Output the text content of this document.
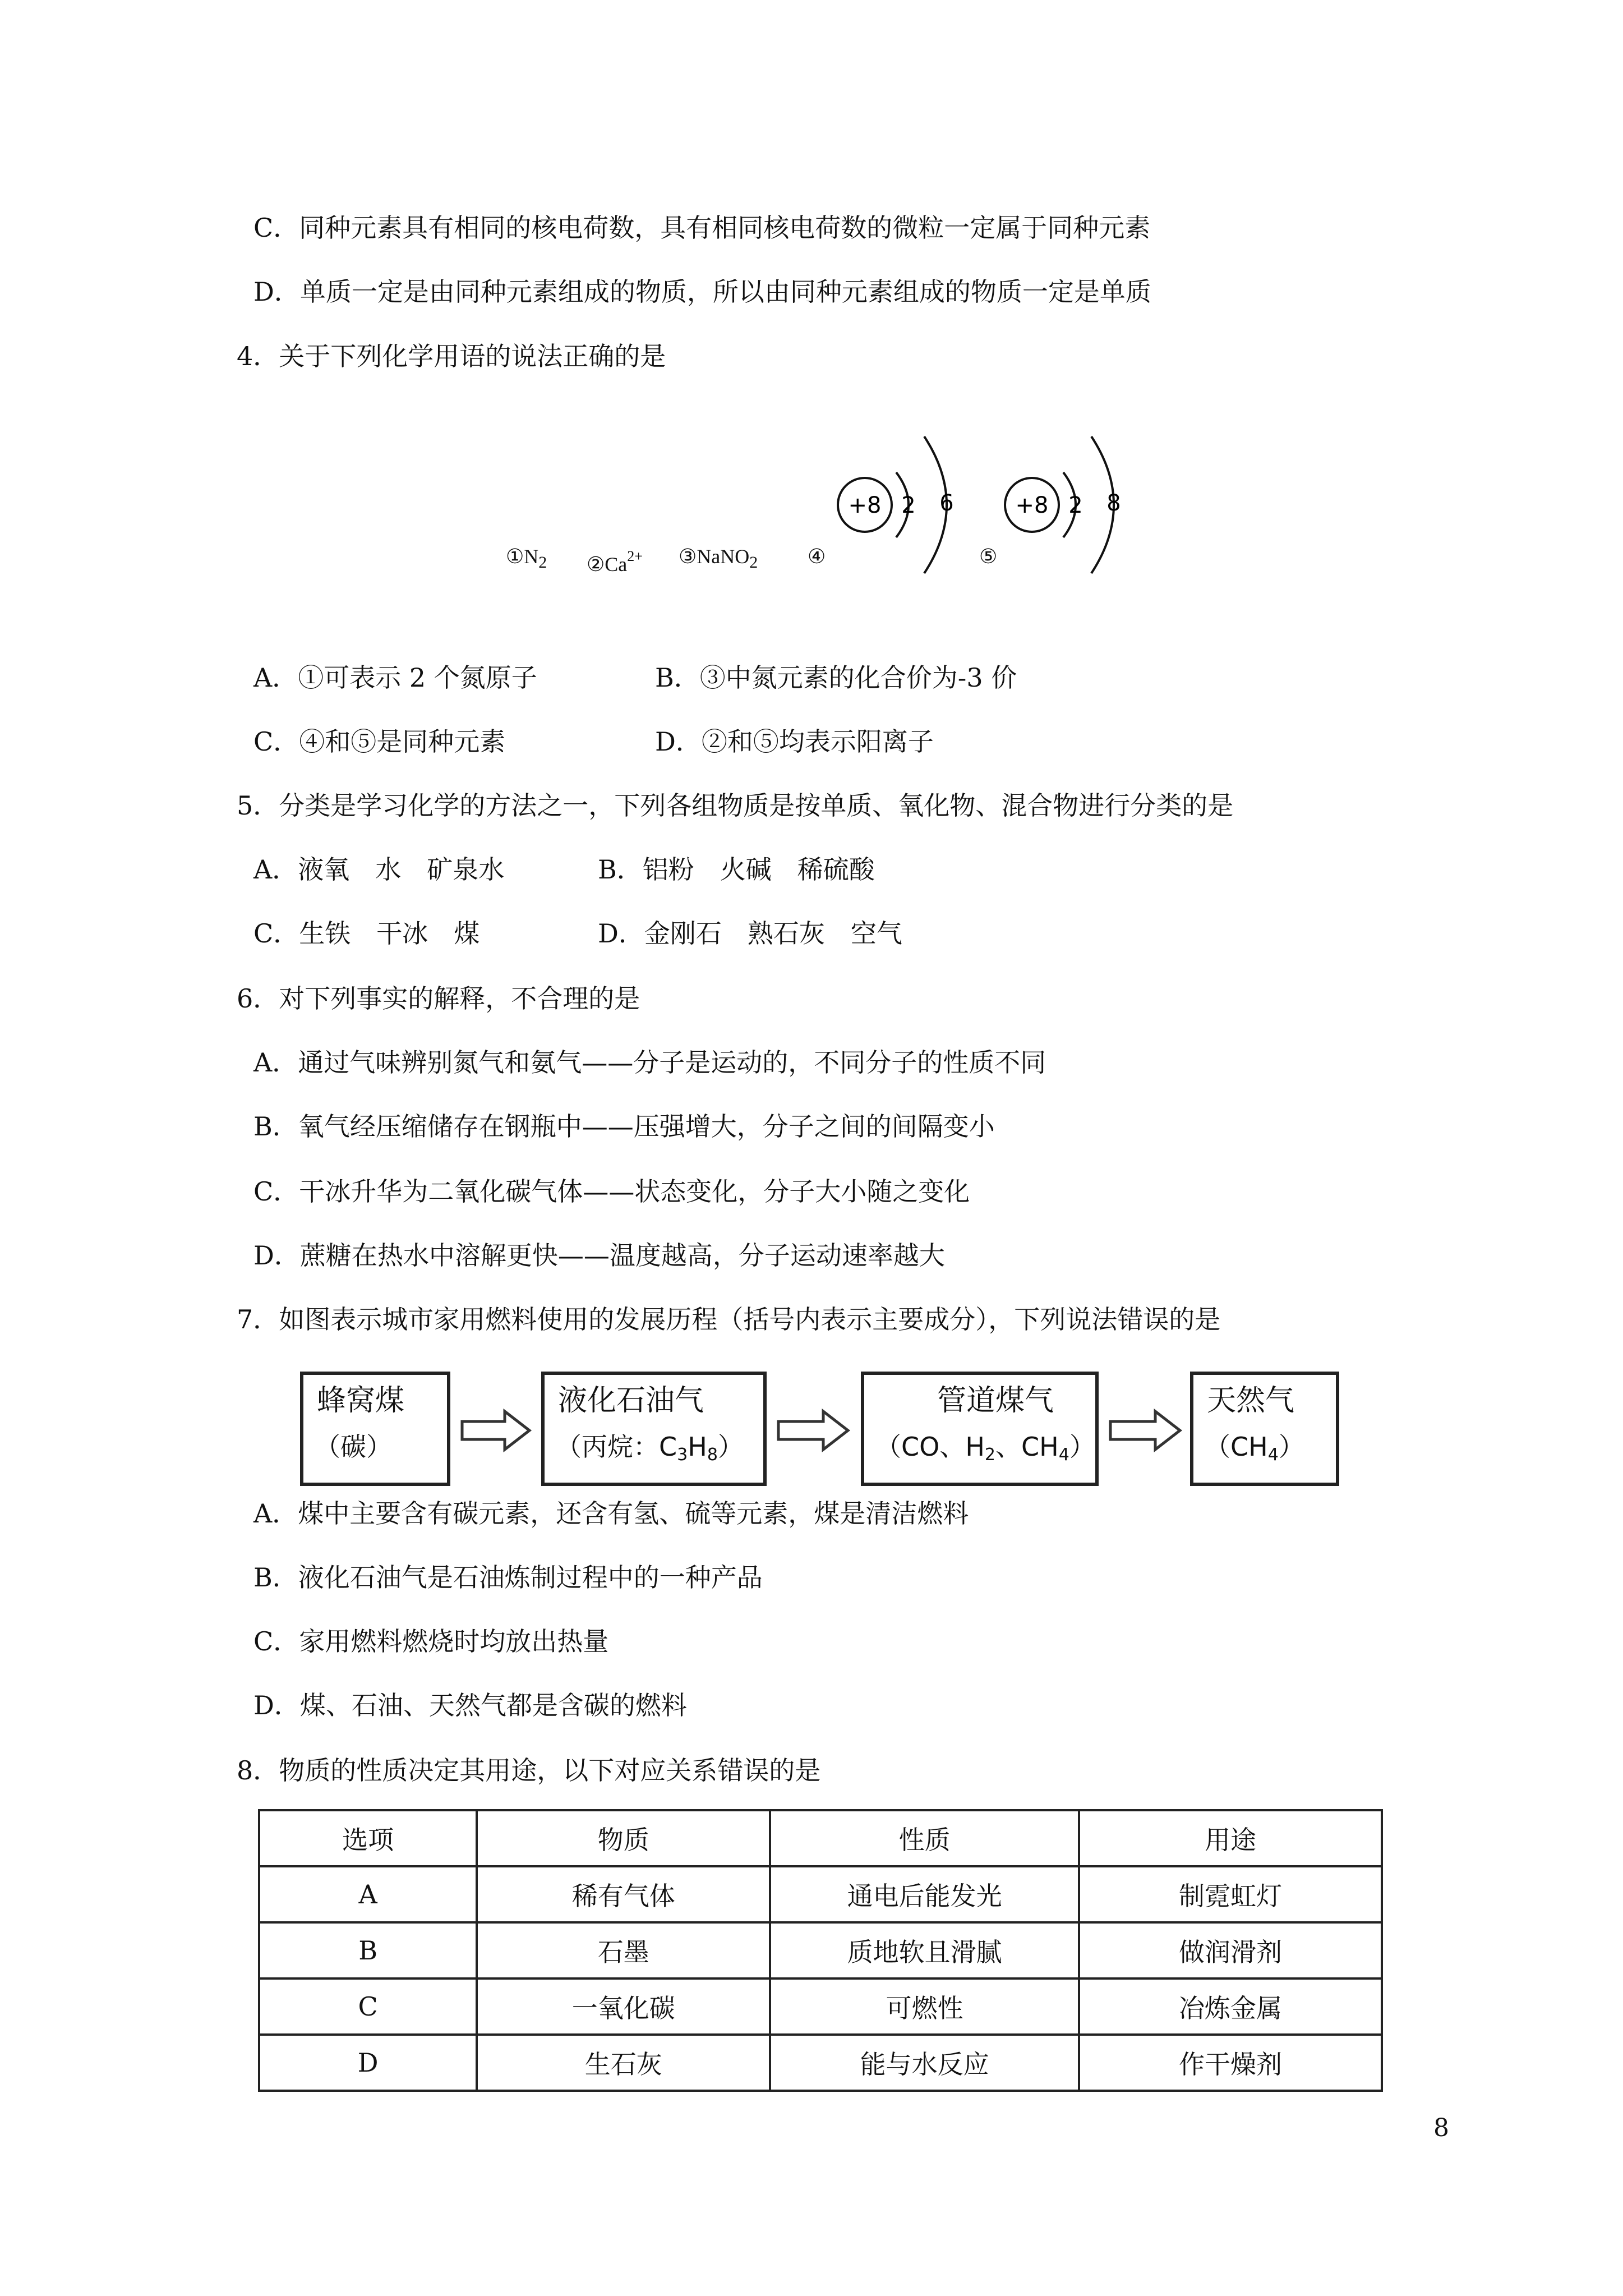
C．同种元素具有相同的核电荷数，具有相同核电荷数的微粒一定属于同种元素
D．单质一定是由同种元素组成的物质，所以由同种元素组成的物质一定是单质
4．关于下列化学用语的说法正确的是
$①N_2$ $②Ca^{2+}$ ③NaNO$_2$ ④	⑤
+8 2 6	+8 2 8
A．①可表示 2 个氮原子	B．③中氮元素的化合价为-3 价
C．④和⑤是同种元素	D．②和⑤均表示阳离子
5．分类是学习化学的方法之一，下列各组物质是按单质、氧化物、混合物进行分类的是
A．液氧　水　矿泉水	B．铝粉　火碱　稀硫酸
C．生铁　干冰　煤	D．金刚石　熟石灰　空气
6．对下列事实的解释，不合理的是
A．通过气味辨别氮气和氨气——分子是运动的，不同分子的性质不同
B．氧气经压缩储存在钢瓶中——压强增大，分子之间的间隔变小
C．干冰升华为二氧化碳气体——状态变化，分子大小随之变化
D．蔗糖在热水中溶解更快——温度越高，分子运动速率越大
7．如图表示城市家用燃料使用的发展历程（括号内表示主要成分），下列说法错误的是
蜂窝煤
（碳）
液化石油气
（丙烷：$C_3H_8$）
管道煤气
（CO、$H_2$、$CH_4$）
天然气
$(CH_4)$
A．煤中主要含有碳元素，还含有氢、硫等元素，煤是清洁燃料
B．液化石油气是石油炼制过程中的一种产品
C．家用燃料燃烧时均放出热量
D．煤、石油、天然气都是含碳的燃料
8．物质的性质决定其用途，以下对应关系错误的是
选项	物质	性质	用途
A	稀有气体	通电后能发光	制霓虹灯
B	石墨	质地软且滑腻	做润滑剂
C	一氧化碳	可燃性	冶炼金属
D	生石灰	能与水反应	作干燥剂
8
